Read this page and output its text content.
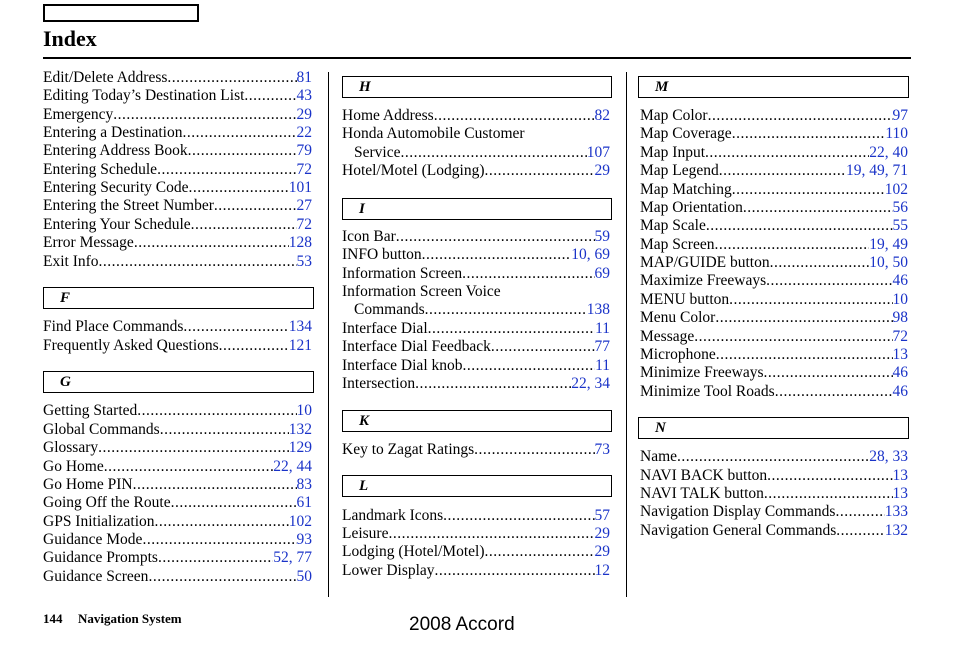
Index
Edit/Delete Address .....	81
Editing Today’s Destination List .....	43
Emergency .....	29
Entering a Destination .....	22
Entering Address Book .....	79
Entering Schedule .....	72
Entering Security Code .....	101
Entering the Street Number .....	27
Entering Your Schedule .....	72
Error Message .....	128
Exit Info .....	53
F
Find Place Commands .....	134
Frequently Asked Questions .....	121
G
Getting Started .....	10
Global Commands .....	132
Glossary .....	129
Go Home .....	22, 44
Go Home PIN .....	83
Going Off the Route .....	61
GPS Initialization .....	102
Guidance Mode .....	93
Guidance Prompts .....	52, 77
Guidance Screen .....	50
H
Home Address .....	82
Honda Automobile Customer
Service .....	107
Hotel/Motel (Lodging) .....	29
I
Icon Bar .....	59
INFO button .....	10, 69
Information Screen .....	69
Information Screen Voice
Commands .....	138
Interface Dial .....	11
Interface Dial Feedback .....	77
Interface Dial knob .....	11
Intersection .....	22, 34
K
Key to Zagat Ratings .....	73
L
Landmark Icons .....	57
Leisure .....	29
Lodging (Hotel/Motel) .....	29
Lower Display .....	12
M
Map Color .....	97
Map Coverage .....	110
Map Input .....	22, 40
Map Legend .....	19, 49, 71
Map Matching .....	102
Map Orientation .....	56
Map Scale .....	55
Map Screen .....	19, 49
MAP/GUIDE button .....	10, 50
Maximize Freeways .....	46
MENU button .....	10
Menu Color .....	98
Message .....	72
Microphone .....	13
Minimize Freeways .....	46
Minimize Tool Roads .....	46
N
Name .....	28, 33
NAVI BACK button .....	13
NAVI TALK button .....	13
Navigation Display Commands .....	133
Navigation General Commands .....	132
144 Navigation System	2008 Accord
